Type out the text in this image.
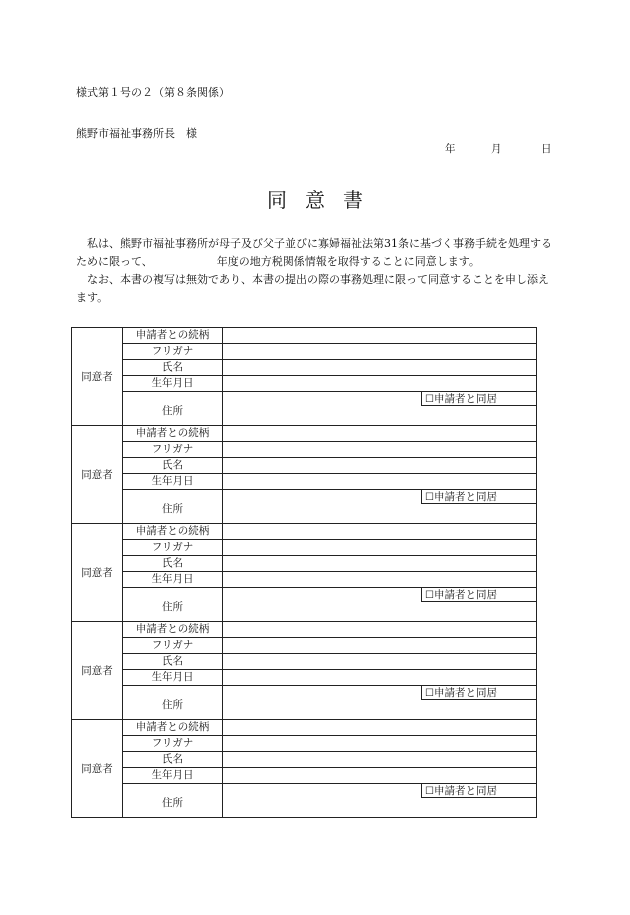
様式第１号の２（第８条関係）
熊野市福祉事務所長　様
年	月	日
同 意 書
私は、熊野市福祉事務所が母子及び父子並びに寡婦福祉法第31条に基づく事務手続を処理するために限って、	年度の地方税関係情報を取得することに同意します。
なお、本書の複写は無効であり、本書の提出の際の事務処理に限って同意することを申し添えます。
同意者	申請者との続柄	
	フリガナ	
	氏名	
	生年月日	
	住所	☐申請者と同居

同意者	申請者との続柄	
	フリガナ	
	氏名	
	生年月日	
	住所	☐申請者と同居

同意者	申請者との続柄	
	フリガナ	
	氏名	
	生年月日	
	住所	☐申請者と同居

同意者	申請者との続柄	
	フリガナ	
	氏名	
	生年月日	
	住所	☐申請者と同居

同意者	申請者との続柄	
	フリガナ	
	氏名	
	生年月日	
	住所	☐申請者と同居
